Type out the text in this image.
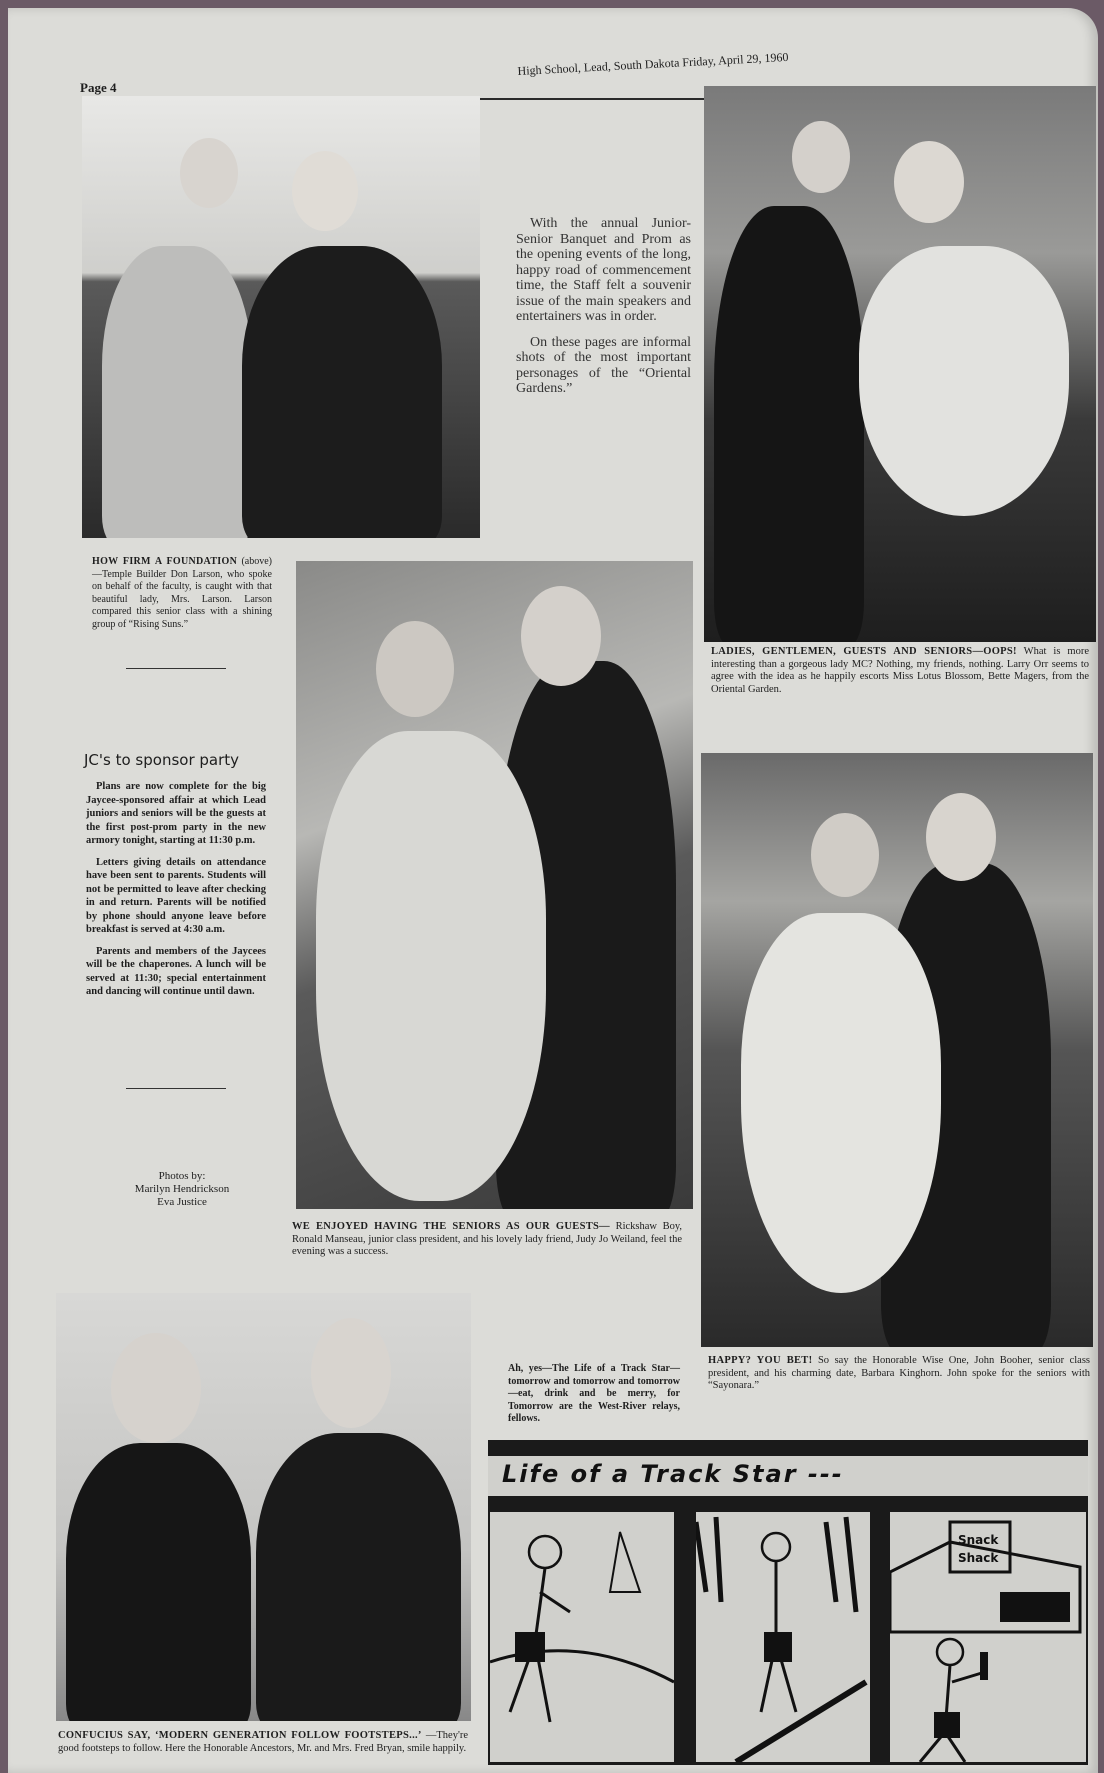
Page 4
High School, Lead, South Dakota Friday, April 29, 1960

With the annual Junior-Senior Banquet and Prom as the opening events of the long, happy road of commencement time, the Staff felt a souvenir issue of the main speakers and entertainers was in order.

On these pages are informal shots of the most important personages of the “Oriental Gardens.”

LADIES, GENTLEMEN, GUESTS AND SENIORS—OOPS! What is more interesting than a gorgeous lady MC? Nothing, my friends, nothing. Larry Orr seems to agree with the idea as he happily escorts Miss Lotus Blossom, Bette Magers, from the Oriental Garden.
HOW FIRM A FOUNDATION (above)—Temple Builder Don Larson, who spoke on behalf of the faculty, is caught with that beautiful lady, Mrs. Larson. Larson compared this senior class with a shining group of “Rising Suns.”
WE ENJOYED HAVING THE SENIORS AS OUR GUESTS— Rickshaw Boy, Ronald Manseau, junior class president, and his lovely lady friend, Judy Jo Weiland, feel the evening was a success.
JC's to sponsor party

Plans are now complete for the big Jaycee-sponsored affair at which Lead juniors and seniors will be the guests at the first post-prom party in the new armory tonight, starting at 11:30 p.m.

Letters giving details on attendance have been sent to parents. Students will not be permitted to leave after checking in and return. Parents will be notified by phone should anyone leave before breakfast is served at 4:30 a.m.

Parents and members of the Jaycees will be the chaperones. A lunch will be served at 11:30; special entertainment and dancing will continue until dawn.

Photos by:
Marilyn Hendrickson
Eva Justice
HAPPY? YOU BET! So say the Honorable Wise One, John Booher, senior class president, and his charming date, Barbara Kinghorn. John spoke for the seniors with “Sayonara.”
CONFUCIUS SAY, ‘MODERN GENERATION FOLLOW FOOTSTEPS...’ —They're good footsteps to follow. Here the Honorable Ancestors, Mr. and Mrs. Fred Bryan, smile happily.
Ah, yes—The Life of a Track Star—tomorrow and tomorrow and tomorrow—eat, drink and be merry, for Tomorrow are the West-River relays, fellows.
Life of a Track Star ---
Snack
Shack
